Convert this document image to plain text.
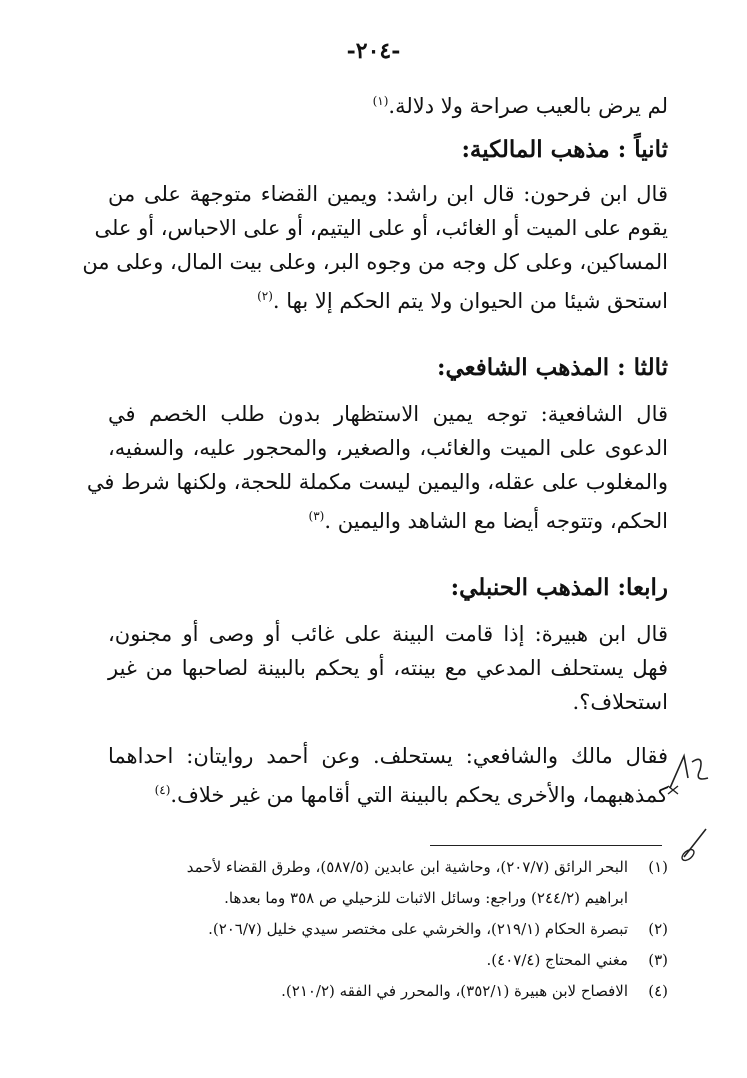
-٢٠٤-
لم يرض بالعيب صراحة ولا دلالة.$^{(١)}$
ثانياً : مذهب المالكية:
قال ابن فرحون: قال ابن راشد: ويمين القضاء متوجهة على من
يقوم على الميت أو الغائب، أو على اليتيم، أو على الاحباس، أو على
المساكين، وعلى كل وجه من وجوه البر، وعلى بيت المال، وعلى من
استحق شيئا من الحيوان ولا يتم الحكم إلا بها .$^{(٢)}$
ثالثا : المذهب الشافعي:
قال الشافعية: توجه يمين الاستظهار بدون طلب الخصم في
الدعوى على الميت والغائب، والصغير، والمحجور عليه، والسفيه،
والمغلوب على عقله، واليمين ليست مكملة للحجة، ولكنها شرط في
الحكم، وتتوجه أيضا مع الشاهد واليمين .$^{(٣)}$
رابعا: المذهب الحنبلي:
قال ابن هبيرة: إذا قامت البينة على غائب أو وصى أو مجنون،
فهل يستحلف المدعي مع بينته، أو يحكم بالبينة لصاحبها من غير
استحلاف؟.
فقال مالك والشافعي: يستحلف. وعن أحمد روايتان: احداهما
كمذهبهما، والأخرى يحكم بالبينة التي أقامها من غير خلاف.$^{(٤)}$
(١)البحر الرائق (٢٠٧/٧)، وحاشية ابن عابدين (٥٨٧/٥)، وطرق القضاء لأحمد
ابراهيم (٢٤٤/٢) وراجع: وسائل الاثبات للزحيلي ص ٣٥٨ وما بعدها.
(٢)تبصرة الحكام (٢١٩/١)، والخرشي على مختصر سيدي خليل (٢٠٦/٧).
(٣)مغني المحتاج (٤٠٧/٤).
(٤)الافصاح لابن هبيرة (٣٥٢/١)، والمحرر في الفقه (٢١٠/٢).
